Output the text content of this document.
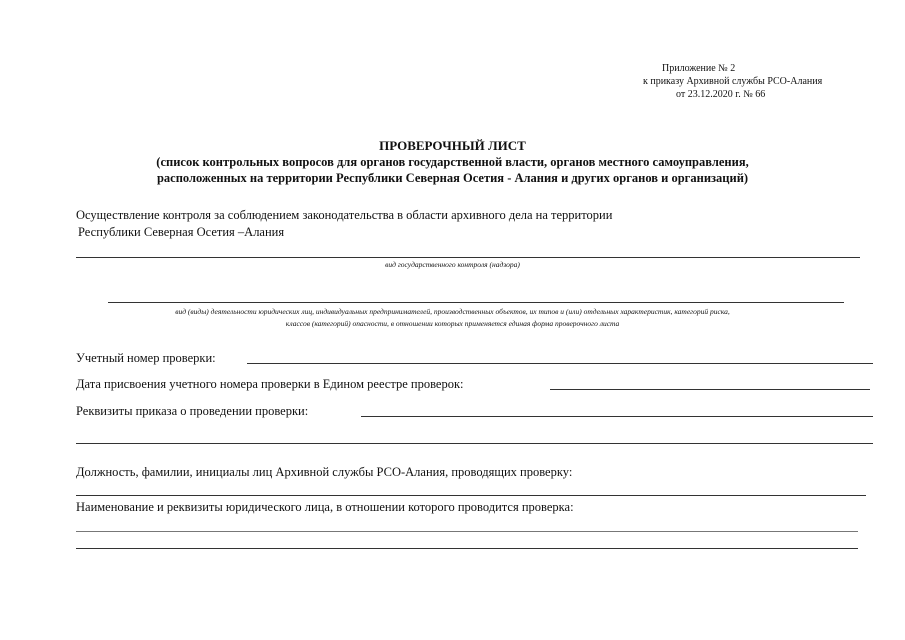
Приложение № 2
к приказу Архивной службы РСО-Алания
от 23.12.2020 г. № 66
ПРОВЕРОЧНЫЙ ЛИСТ
(список контрольных вопросов для органов государственной власти, органов местного самоуправления,
расположенных на территории Республики Северная Осетия - Алания и других органов и организаций)
Осуществление контроля за соблюдением законодательства в области архивного дела на территории
Республики Северная Осетия –Алания
вид государственного контроля (надзора)
вид (виды) деятельности юридических лиц, индивидуальных предпринимателей, производственных объектов, их типов и (или) отдельных характеристик, категорий риска,
классов (категорий) опасности, в отношении которых применяется единая форма проверочного листа
Учетный номер проверки:
Дата присвоения учетного номера проверки в Едином реестре проверок:
Реквизиты приказа о проведении проверки:
Должность, фамилии, инициалы лиц Архивной службы РСО-Алания, проводящих проверку:
Наименование и реквизиты юридического лица, в отношении которого проводится проверка:
